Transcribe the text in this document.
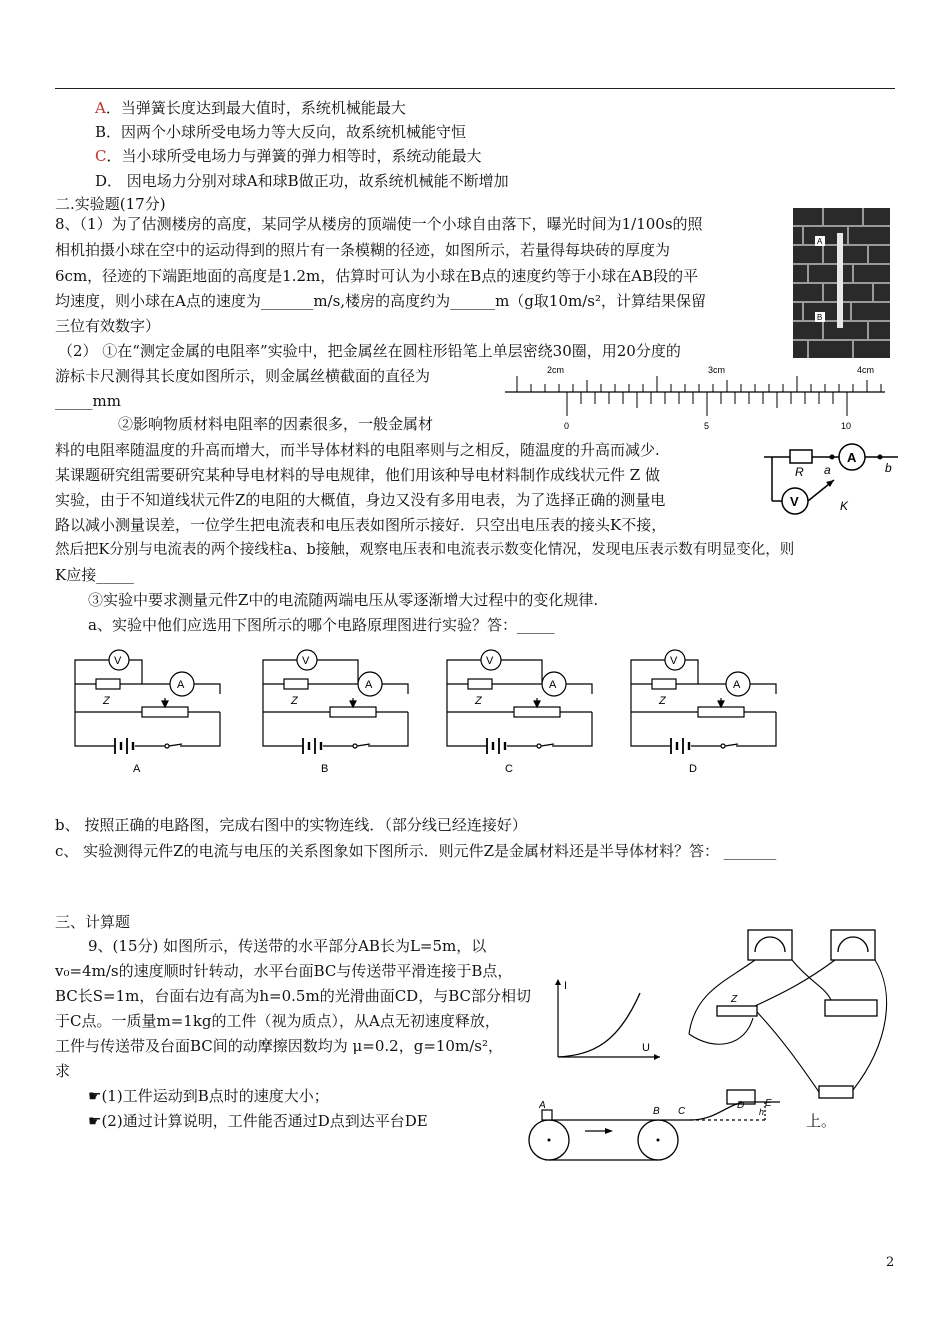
A．当弹簧长度达到最大值时，系统机械能最大
B．因两个小球所受电场力等大反向，故系统机械能守恒
C．当小球所受电场力与弹簧的弹力相等时，系统动能最大
D． 因电场力分别对球A和球B做正功，故系统机械能不断增加
二.实验题(17分)
8、（1）为了估测楼房的高度，某同学从楼房的顶端使一个小球自由落下，曝光时间为1/100s的照
相机拍摄小球在空中的运动得到的照片有一条模糊的径迹，如图所示，若量得每块砖的厚度为
6cm，径迹的下端距地面的高度是1.2m，估算时可认为小球在B点的速度约等于小球在AB段的平
均速度，则小球在A点的速度为_______m/s,楼房的高度约为______m（g取10m/s²，计算结果保留
三位有效数字）
A
B
（2） ①在“测定金属的电阻率”实验中，把金属丝在圆柱形铅笔上单层密绕30圈，用20分度的
游标卡尺测得其长度如图所示，则金属丝横截面的直径为
_____mm
②影响物质材料电阻率的因素很多，一般金属材
料的电阻率随温度的升高而增大，而半导体材料的电阻率则与之相反，随温度的升高而减少.
某课题研究组需要研究某种导电材料的导电规律，他们用该种导电材料制作成线状元件 Z 做
实验，由于不知道线状元件Z的电阻的大概值，身边又没有多用电表，为了选择正确的测量电
路以减小测量误差，一位学生把电流表和电压表如图所示接好．只空出电压表的接头K不接，
然后把K分别与电流表的两个接线柱a、b接触，观察电压表和电流表示数变化情况，发现电压表示数有明显变化，则
K应接_____
2cm	3cm	4cm
0	5	10
A
V
R a	b
K
③实验中要求测量元件Z中的电流随两端电压从零逐渐增大过程中的变化规律.
a、实验中他们应选用下图所示的哪个电路原理图进行实验？答：_____
V
A
Z
A
V
A
Z
B
V
A
Z
C
V
A
Z
D
b、 按照正确的电路图，完成右图中的实物连线．（部分线已经连接好）
c、 实验测得元件Z的电流与电压的关系图象如下图所示．则元件Z是金属材料还是半导体材料？答： _______
三、计算题
9、(15分) 如图所示，传送带的水平部分AB长为L=5m，以
v₀=4m/s的速度顺时针转动，水平台面BC与传送带平滑连接于B点，
BC长S=1m，台面右边有高为h=0.5m的光滑曲面CD，与BC部分相切
于C点。一质量m=1kg的工件（视为质点），从A点无初速度释放，
工件与传送带及台面BC间的动摩擦因数均为 μ=0.2，g=10m/s²，
求
☛(1)工件运动到B点时的速度大小；
☛(2)通过计算说明，工件能否通过D点到达平台DE	上。
I
U
Z
A
B C
D E
h
2
